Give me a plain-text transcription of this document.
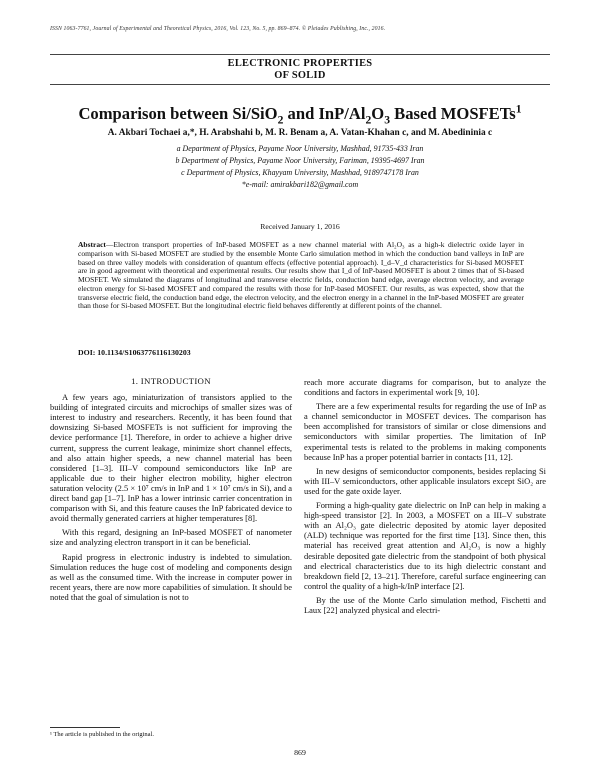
ISSN 1063-7761, Journal of Experimental and Theoretical Physics, 2016, Vol. 123, No. 5, pp. 869–874. © Pleiades Publishing, Inc., 2016.
ELECTRONIC PROPERTIES
OF SOLID
Comparison between Si/SiO$_2$ and InP/$Al_2O_3$ Based MOSFETs$^1$
A. Akbari Tochaei a,*, H. Arabshahi b, M. R. Benam a, A. Vatan-Khahan c, and M. Abedininia c
a Department of Physics, Payame Noor University, Mashhad, 91735-433 Iran
b Department of Physics, Payame Noor University, Fariman, 19395-4697 Iran
c Department of Physics, Khayyam University, Mashhad, 9189747178 Iran
*e-mail: amirakbari182@gmail.com
Received January 1, 2016
Abstract—Electron transport properties of InP-based MOSFET as a new channel material with Al₂O₃ as a high-k dielectric oxide layer in comparison with Si-based MOSFET are studied by the ensemble Monte Carlo simulation method in which the conduction band valleys in InP are based on three valley models with consideration of quantum effects (effective potential approach). I_d–V_d characteristics for Si-based MOSFET are in good agreement with theoretical and experimental results. Our results show that I_d of InP-based MOSFET is about 2 times that of Si-based MOSFET. We simulated the diagrams of longitudinal and transverse electric fields, conduction band edge, average electron velocity, and average electron energy for Si-based MOSFET and compared the results with those for InP-based MOSFET. Our results, as was expected, show that the transverse electric field, the conduction band edge, the electron velocity, and the electron energy in a channel in the InP-based MOSFET are greater than those for Si-based MOSFET. But the longitudinal electric field behaves differently at different points of the channel.
DOI: 10.1134/S1063776116130203
1. INTRODUCTION

A few years ago, miniaturization of transistors applied to the building of integrated circuits and microchips of smaller sizes was of interest to industry and researchers. Recently, it has been found that downsizing Si-based MOSFETs is not sufficient for improving the device performance [1]. Therefore, in order to achieve a higher drive current, suppress the current leakage, minimize short channel effects, and also attain higher speeds, a new channel material has been considered [1–3]. III–V compound semiconductors like InP are applicable due to their higher electron mobility, higher electron saturation velocity (2.5 × 10⁷ cm/s in InP and 1 × 10⁷ cm/s in Si), and a direct band gap [1–7]. InP has a lower intrinsic carrier concentration in comparison with Si, and this feature causes the InP fabricated device to avoid thermally generated carriers at higher temperatures [8].

With this regard, designing an InP-based MOSFET of nanometer size and analyzing electron transport in it can be beneficial.

Rapid progress in electronic industry is indebted to simulation. Simulation reduces the huge cost of modeling and components design as well as the consumed time. With the increase in computer power in recent years, there are now more capabilities of simulation. It should be noted that the goal of simulation is not to

reach more accurate diagrams for comparison, but to analyze the conditions and factors in experimental work [9, 10].

There are a few experimental results for regarding the use of InP as a channel semiconductor in MOSFET devices. The comparison has been accomplished for transistors of similar or close dimensions and semiconductors with similar properties. The limitation of InP experimental tests is related to the problems in making components because InP has a proper potential barrier in contacts [11, 12].

In new designs of semiconductor components, besides replacing Si with III–V semiconductors, other applicable insulators except SiO₂ are used for the gate oxide layer.

Forming a high-quality gate dielectric on InP can help in making a high-speed transistor [2]. In 2003, a MOSFET on a III–V substrate with an Al₂O₃ gate dielectric deposited by atomic layer deposited (ALD) technique was reported for the first time [13]. Since then, this material has received great attention and Al₂O₃ is now a highly desirable deposited gate dielectric from the standpoint of both physical and electrical characteristics due to its high dielectric constant and breakdown field [2, 13–21]. Therefore, careful surface engineering can control the quality of a high-k/InP interface [2].

By the use of the Monte Carlo simulation method, Fischetti and Laux [22] analyzed physical and electri-

¹ The article is published in the original.
869
